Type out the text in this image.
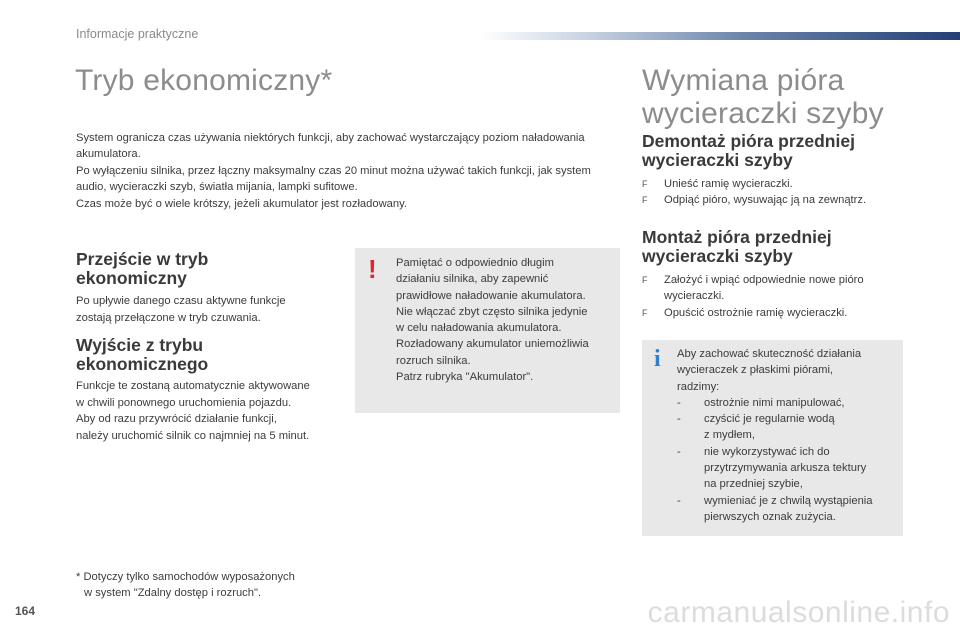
Informacje praktyczne
Tryb ekonomiczny*

System ogranicza czas używania niektórych funkcji, aby zachować wystarczający poziom naładowania akumulatora.

Po wyłączeniu silnika, przez łączny maksymalny czas 20 minut można używać takich funkcji, jak system audio, wycieraczki szyb, światła mijania, lampki sufitowe.

Czas może być o wiele krótszy, jeżeli akumulator jest rozładowany.

Przejście w tryb
ekonomiczny

Po upływie danego czasu aktywne funkcje
zostają przełączone w tryb czuwania.

Wyjście z trybu
ekonomicznego

Funkcje te zostaną automatycznie aktywowane
w chwili ponownego uruchomienia pojazdu.
Aby od razu przywrócić działanie funkcji,
należy uruchomić silnik co najmniej na 5 minut.

! Pamiętać o odpowiednio długim
działaniu silnika, aby zapewnić
prawidłowe naładowanie akumulatora.
Nie włączać zbyt często silnika jedynie
w celu naładowania akumulatora.
Rozładowany akumulator uniemożliwia
rozruch silnika.
Patrz rubryka "Akumulator".
* Dotyczy tylko samochodów wyposażonych
w system "Zdalny dostęp i rozruch".
Wymiana pióra
wycieraczki szyby
Demontaż pióra przedniej
wycieraczki szyby
F	Unieść ramię wycieraczki.
F	Odpiąć pióro, wysuwając ją na zewnątrz.
Montaż pióra przedniej
wycieraczki szyby
F	Założyć i wpiąć odpowiednie nowe pióro
wycieraczki.
F	Opuścić ostrożnie ramię wycieraczki.
i Aby zachować skuteczność działania
wycieraczek z płaskimi piórami,
radzimy:
-	ostrożnie nimi manipulować,
-	czyścić je regularnie wodą
z mydłem,
-	nie wykorzystywać ich do
przytrzymywania arkusza tektury
na przedniej szybie,
-	wymieniać je z chwilą wystąpienia
pierwszych oznak zużycia.
164	carmanualsonline.info
